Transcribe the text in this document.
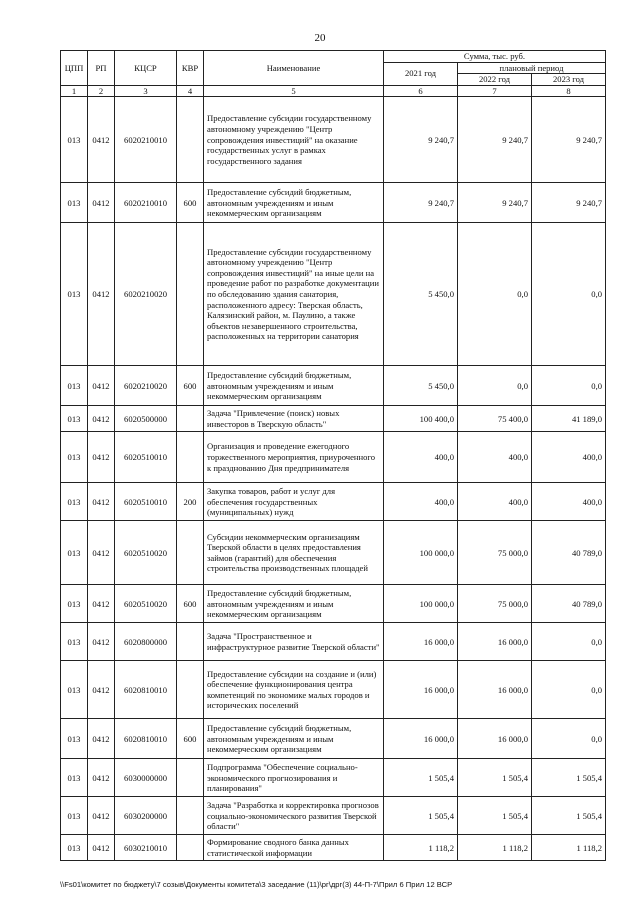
20
ЦПП	РП	КЦСР	КВР	Наименование	Сумма, тыс. руб.		
					2021 год	плановый период	
						2022 год	2023 год
1	2	3	4	5	6	7	8
013	0412	6020210010		Предоставление субсидии государственному автономному учреждению "Центр сопровождения инвестиций" на оказание государственных услуг в рамках государственного задания	9 240,7	9 240,7	9 240,7
013	0412	6020210010	600	Предоставление субсидий бюджетным, автономным учреждениям и иным некоммерческим организациям	9 240,7	9 240,7	9 240,7
013	0412	6020210020		Предоставление субсидии государственному автономному учреждению "Центр сопровождения инвестиций" на иные цели на проведение работ по разработке документации по обследованию здания санатория, расположенного адресу: Тверская область, Калязинский район, м. Паулино, а также объектов незавершенного строительства, расположенных на территории санатория	5 450,0	0,0	0,0
013	0412	6020210020	600	Предоставление субсидий бюджетным, автономным учреждениям и иным некоммерческим организациям	5 450,0	0,0	0,0
013	0412	6020500000		Задача "Привлечение (поиск) новых инвесторов в Тверскую область"	100 400,0	75 400,0	41 189,0
013	0412	6020510010		Организация и проведение ежегодного торжественного мероприятия, приуроченного к празднованию Дня предпринимателя	400,0	400,0	400,0
013	0412	6020510010	200	Закупка товаров, работ и услуг для обеспечения государственных (муниципальных) нужд	400,0	400,0	400,0
013	0412	6020510020		Субсидии некоммерческим организациям Тверской области в целях предоставления займов (гарантий) для обеспечения строительства производственных площадей	100 000,0	75 000,0	40 789,0
013	0412	6020510020	600	Предоставление субсидий бюджетным, автономным учреждениям и иным некоммерческим организациям	100 000,0	75 000,0	40 789,0
013	0412	6020800000		Задача "Пространственное и инфраструктурное развитие Тверской области"	16 000,0	16 000,0	0,0
013	0412	6020810010		Предоставление субсидии на создание и (или) обеспечение функционирования центра компетенций по экономике малых городов и исторических поселений	16 000,0	16 000,0	0,0
013	0412	6020810010	600	Предоставление субсидий бюджетным, автономным учреждениям и иным некоммерческим организациям	16 000,0	16 000,0	0,0
013	0412	6030000000		Подпрограмма "Обеспечение социально-экономического прогнозирования и планирования"	1 505,4	1 505,4	1 505,4
013	0412	6030200000		Задача "Разработка и корректировка прогнозов социально-экономического развития Тверской области"	1 505,4	1 505,4	1 505,4
013	0412	6030210010		Формирование сводного банка данных статистической информации	1 118,2	1 118,2	1 118,2
\\Fs01\комитет по бюджету\7 созыв\Документы комитета\3 заседание (11)\рг\дрг(3) 44-П-7\Прил 6 Прил 12 ВСР
